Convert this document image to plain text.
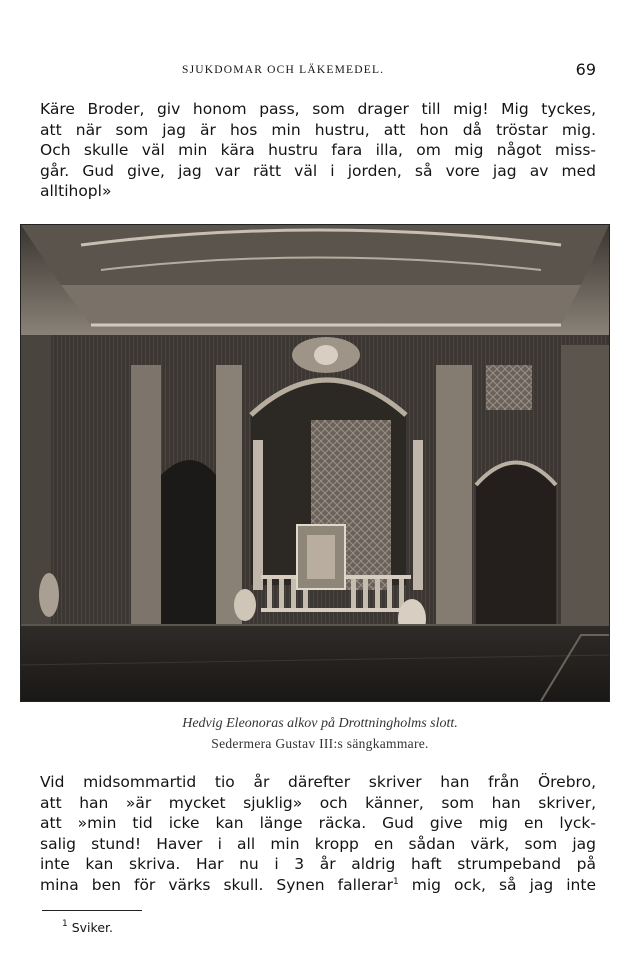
SJUKDOMAR OCH LÄKEMEDEL.	69
Käre Broder, giv honom pass, som drager till mig! Mig tyckes,
att när som jag är hos min hustru, att hon då tröstar mig.
Och skulle väl min kära hustru fara illa, om mig något miss-
går. Gud give, jag var rätt väl i jorden, så vore jag av med
alltihopl»
Hedvig Eleonoras alkov på Drottningholms slott.
Sedermera Gustav III:s sängkammare.
Vid midsommartid tio år därefter skriver han från Örebro,
att han »är mycket sjuklig» och känner, som han skriver,
att »min tid icke kan länge räcka. Gud give mig en lyck-
salig stund! Haver i all min kropp en sådan värk, som jag
inte kan skriva. Har nu i 3 år aldrig haft strumpeband på
mina ben för värks skull. Synen fallerar$^1$ mig ock, så jag inte
$^1$ Sviker.
